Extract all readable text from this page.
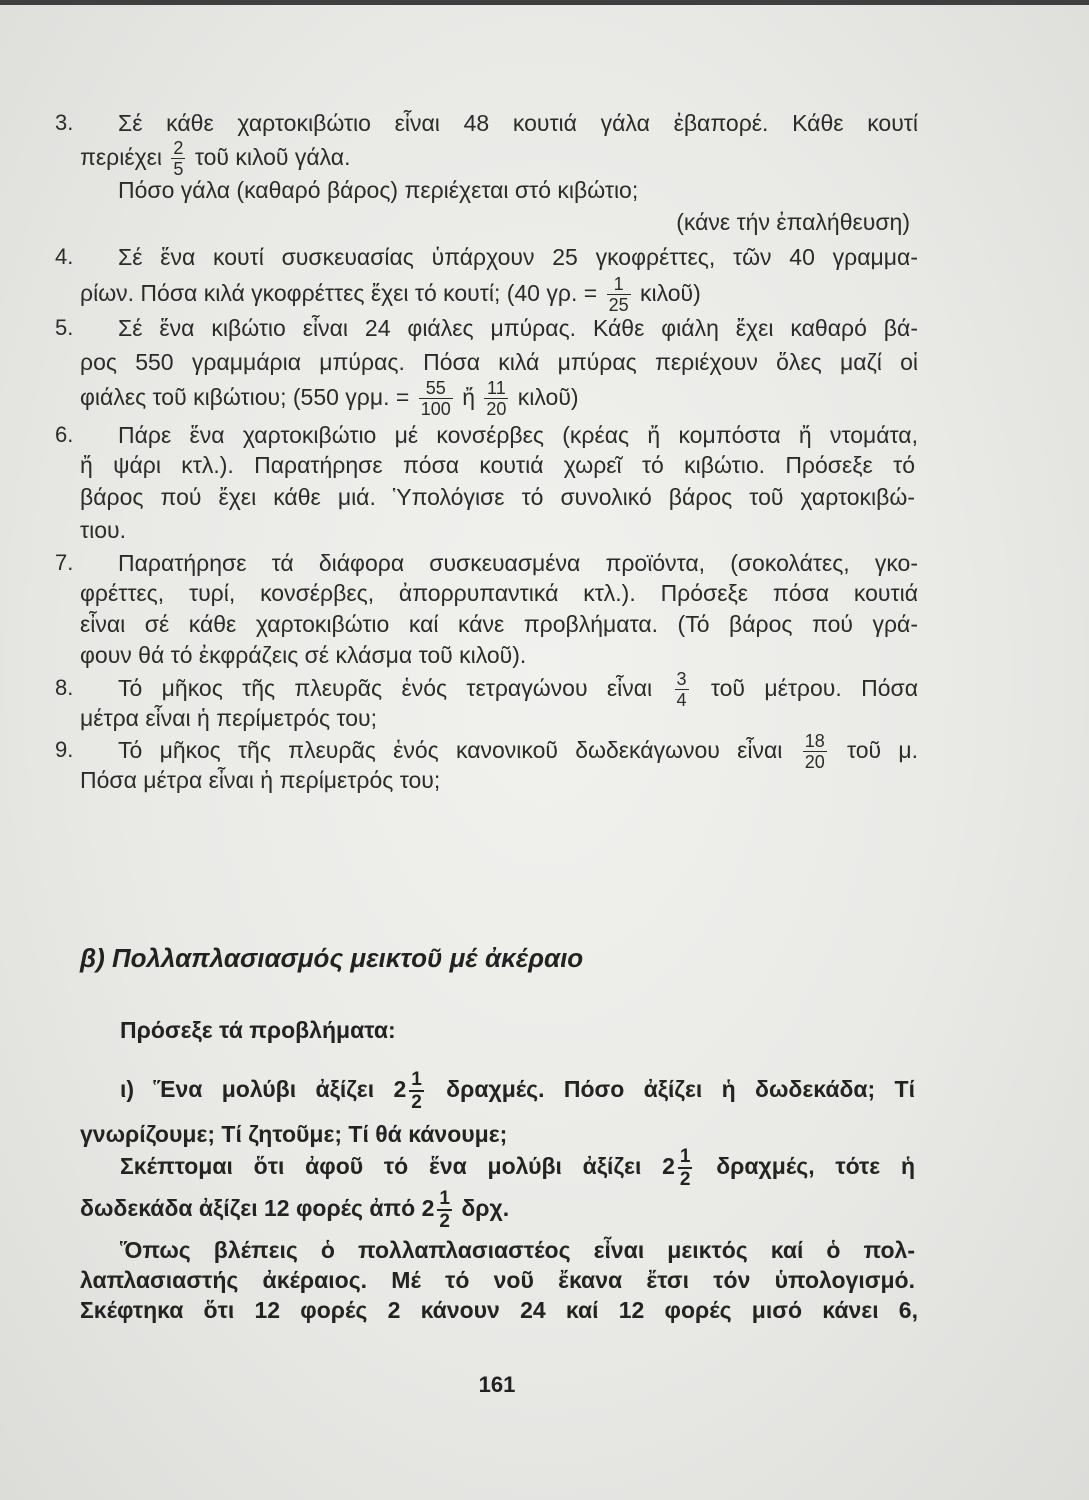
3. Σέ κάθε χαρτοκιβώτιο εἶναι 48 κουτιά γάλα ἐβαπορέ. Κάθε κουτί
περιέχει $\frac{2}{5}$ τοῦ κιλοῦ γάλα.
Πόσο γάλα (καθαρό βάρος) περιέχεται στό κιβώτιο;
(κάνε τήν ἐπαλήθευση)
4. Σέ ἕνα κουτί συσκευασίας ὑπάρχουν 25 γκοφρέττες, τῶν 40 γραμμα-
ρίων. Πόσα κιλά γκοφρέττες ἔχει τό κουτί; (40 γρ. = $\frac{1}{25}$ κιλοῦ)
5. Σέ ἕνα κιβώτιο εἶναι 24 φιάλες μπύρας. Κάθε φιάλη ἔχει καθαρό βά-
ρος 550 γραμμάρια μπύρας. Πόσα κιλά μπύρας περιέχουν ὅλες μαζί οἱ
φιάλες τοῦ κιβώτιου; (550 γρμ. = $\frac{55}{100}$ ἤ $\frac{11}{20}$ κιλοῦ)
6. Πάρε ἕνα χαρτοκιβώτιο μέ κονσέρβες (κρέας ἤ κομπόστα ἤ ντομάτα,
ἤ ψάρι κτλ.). Παρατήρησε πόσα κουτιά χωρεῖ τό κιβώτιο. Πρόσεξε τό
βάρος πού ἔχει κάθε μιά. Ὑπολόγισε τό συνολικό βάρος τοῦ χαρτοκιβώ-
τιου.
7. Παρατήρησε τά διάφορα συσκευασμένα προϊόντα, (σοκολάτες, γκο-
φρέττες, τυρί, κονσέρβες, ἀπορρυπαντικά κτλ.). Πρόσεξε πόσα κουτιά
εἶναι σέ κάθε χαρτοκιβώτιο καί κάνε προβλήματα. (Τό βάρος πού γρά-
φουν θά τό ἐκφράζεις σέ κλάσμα τοῦ κιλοῦ).
8. Τό μῆκος τῆς πλευρᾶς ἑνός τετραγώνου εἶναι $\frac{3}{4}$ τοῦ μέτρου. Πόσα
μέτρα εἶναι ἡ περίμετρός του;
9. Τό μῆκος τῆς πλευρᾶς ἑνός κανονικοῦ δωδεκάγωνου εἶναι $\frac{18}{20}$ τοῦ μ.
Πόσα μέτρα εἶναι ἡ περίμετρός του;
β) Πολλαπλασιασμός μεικτοῦ μέ ἀκέραιο
Πρόσεξε τά προβλήματα:
ι) Ἕνα μολύβι ἀξίζει $2 \frac{1}{2} \delta\rho\alpha\chi\mu έ\varsigma$. Πόσο ἀξίζει ἡ δωδεκάδα; Τί
γνωρίζουμε; Τί ζητοῦμε; Τί θά κάνουμε;
Σκέπτομαι ὅτι ἀφοῦ τό ἕνα μολύβι ἀξίζει $2 \frac{1}{2} \delta\rho\alpha\chi\mu έ\varsigma$, τότε ἡ
δωδεκάδα ἀξίζει 12 φορές ἀπό $2 \frac{1}{2} \delta\rho\chi$.
Ὅπως βλέπεις ὁ πολλαπλασιαστέος εἶναι μεικτός καί ὁ πολ-
λαπλασιαστής ἀκέραιος. Μέ τό νοῦ ἔκανα ἔτσι τόν ὑπολογισμό.
Σκέφτηκα ὅτι 12 φορές 2 κάνουν 24 καί 12 φορές μισό κάνει 6,
161
